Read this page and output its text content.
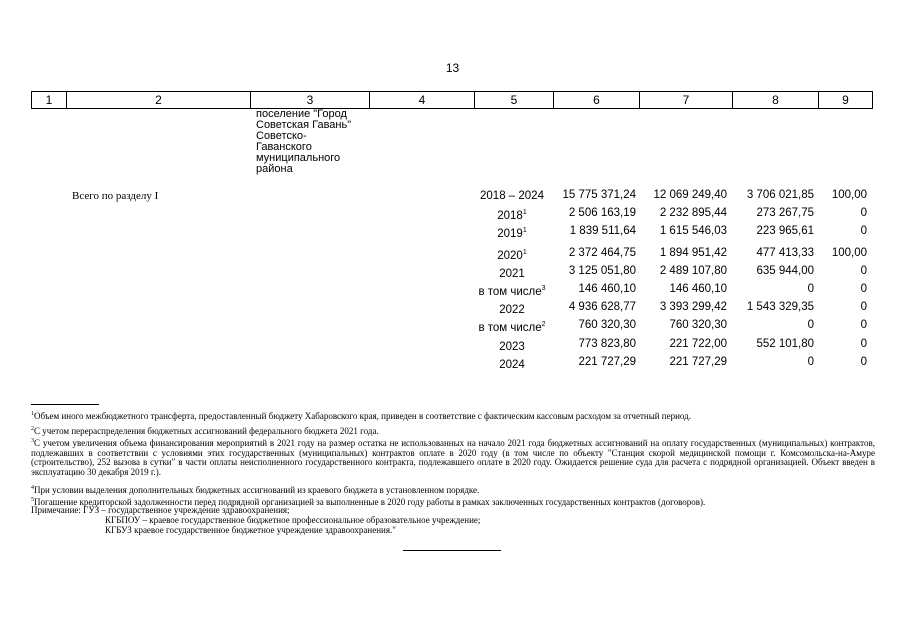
13
1	2	3	4	5	6	7	8	9
поселение "Город
Советская Гавань"
Советско-
Гаванского
муниципального
района
Всего по разделу I	2018 – 2024	15 775 371,24	12 069 249,40	3 706 021,85	100,00
2018$^1$	2 506 163,19	2 232 895,44	273 267,75	0
2019$^1$	1 839 511,64	1 615 546,03	223 965,61	0
2020$^1$	2 372 464,75	1 894 951,42	477 413,33	100,00
2021	3 125 051,80	2 489 107,80	635 944,00	0
в том числе$^3$	146 460,10	146 460,10	0	0
2022	4 936 628,77	3 393 299,42	1 543 329,35	0
в том числе$^2$	760 320,30	760 320,30	0	0
2023	773 823,80	221 722,00	552 101,80	0
2024	221 727,29	221 727,29	0	0
$^1$Объем иного межбюджетного трансферта, предоставленный бюджету Хабаровского края, приведен в соответствие с фактическим кассовым расходом за отчетный период.
$^2$С учетом перераспределения бюджетных ассигнований федерального бюджета 2021 года.
$^3$С учетом увеличения объема финансирования мероприятий в 2021 году на размер остатка не использованных на начало 2021 года бюджетных ассигнований на оплату государственных (муниципальных) контрактов, подлежавших в соответствии с условиями этих государственных (муниципальных) контрактов оплате в 2020 году (в том числе по объекту "Станция скорой медицинской помощи г. Комсомольска-на-Амуре (строительство), 252 вызова в сутки" в части оплаты неисполненного государственного контракта, подлежавшего оплате в 2020 году. Ожидается решение суда для расчета с подрядной организацией. Объект введен в эксплуатацию 30 декабря 2019 г.).
$^4$При условии выделения дополнительных бюджетных ассигнований из краевого бюджета в установленном порядке.
$^5$Погашение кредиторской задолженности перед подрядной организацией за выполненные в 2020 году работы в рамках заключенных государственных контрактов (договоров).
Примечание: ГУЗ – государственное учреждение здравоохранения;
КГБПОУ – краевое государственное бюджетное профессиональное образовательное учреждение;
КГБУЗ краевое государственное бюджетное учреждение здравоохранения."
